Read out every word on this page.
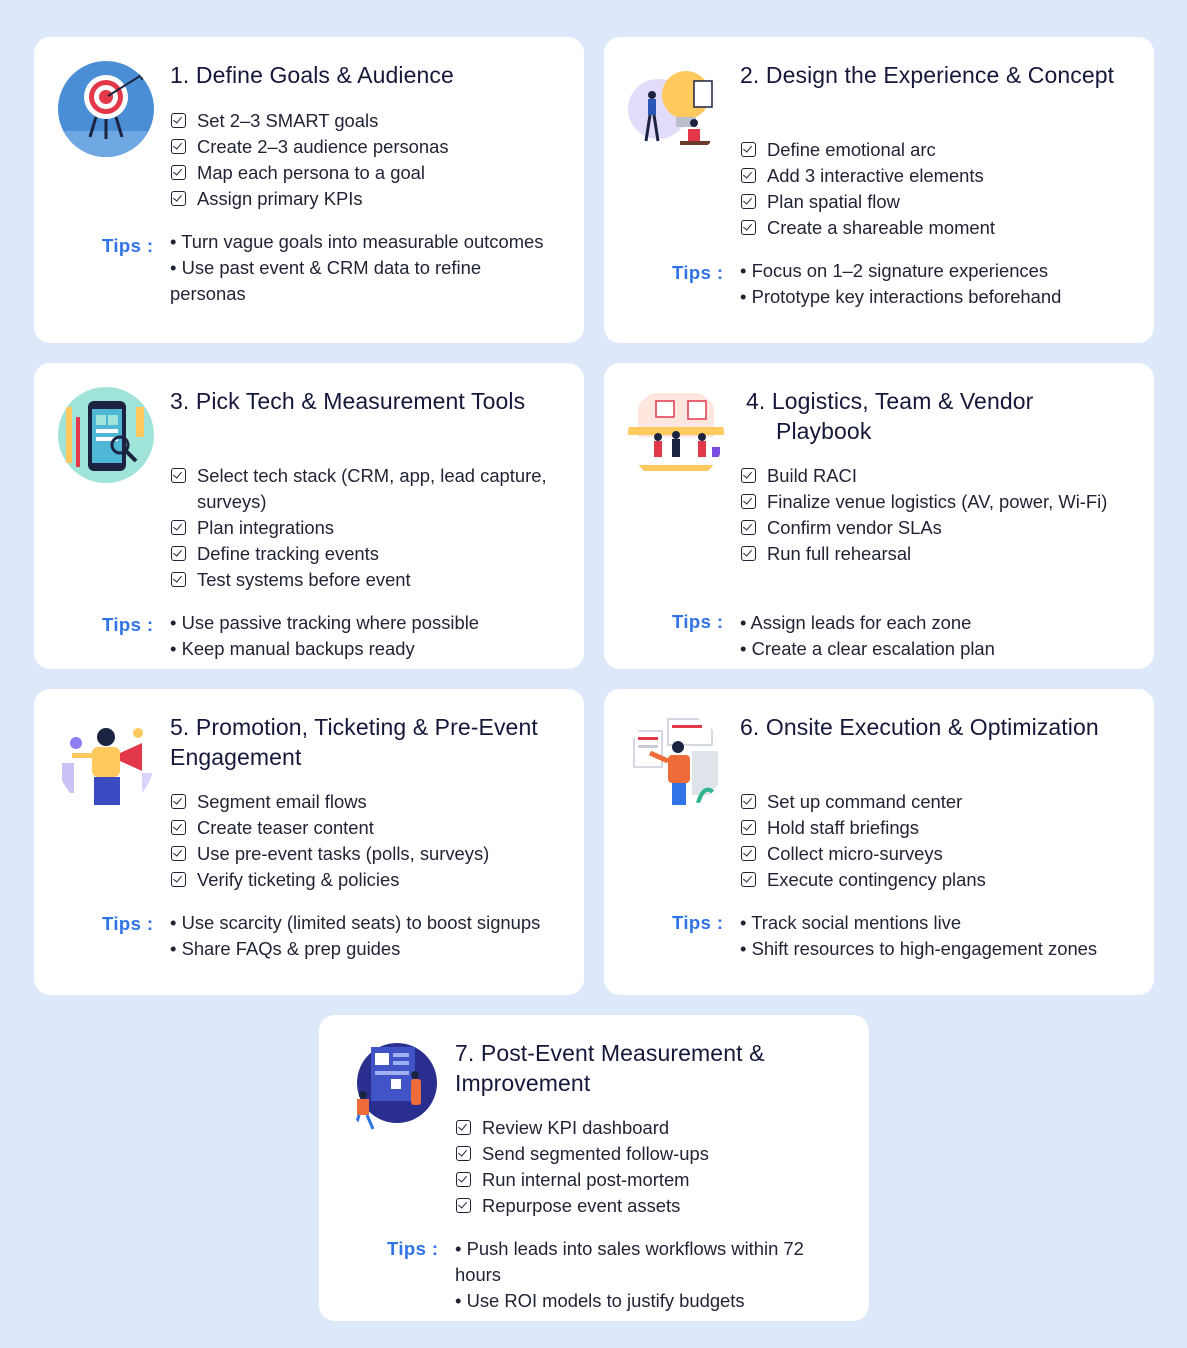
1. Define Goals & Audience
Set 2–3 SMART goals
Create 2–3 audience personas
Map each persona to a goal
Assign primary KPIs
Tips :	• Turn vague goals into measurable outcomes
• Use past event & CRM data to refine personas
2. Design the Experience & Concept
Define emotional arc
Add 3 interactive elements
Plan spatial flow
Create a shareable moment
Tips :	• Focus on 1–2 signature experiences
• Prototype key interactions beforehand
3. Pick Tech & Measurement Tools
Select tech stack (CRM, app, lead capture, surveys)
Plan integrations
Define tracking events
Test systems before event
Tips :	• Use passive tracking where possible
• Keep manual backups ready
4. Logistics, Team & Vendor Playbook
Build RACI
Finalize venue logistics (AV, power, Wi-Fi)
Confirm vendor SLAs
Run full rehearsal
Tips :	• Assign leads for each zone
• Create a clear escalation plan
5. Promotion, Ticketing & Pre-Event Engagement
Segment email flows
Create teaser content
Use pre-event tasks (polls, surveys)
Verify ticketing & policies
Tips :	• Use scarcity (limited seats) to boost signups
• Share FAQs & prep guides
6. Onsite Execution & Optimization
Set up command center
Hold staff briefings
Collect micro-surveys
Execute contingency plans
Tips :	• Track social mentions live
• Shift resources to high-engagement zones
7. Post-Event Measurement & Improvement
Review KPI dashboard
Send segmented follow-ups
Run internal post-mortem
Repurpose event assets
Tips :	• Push leads into sales workflows within 72 hours
• Use ROI models to justify budgets
